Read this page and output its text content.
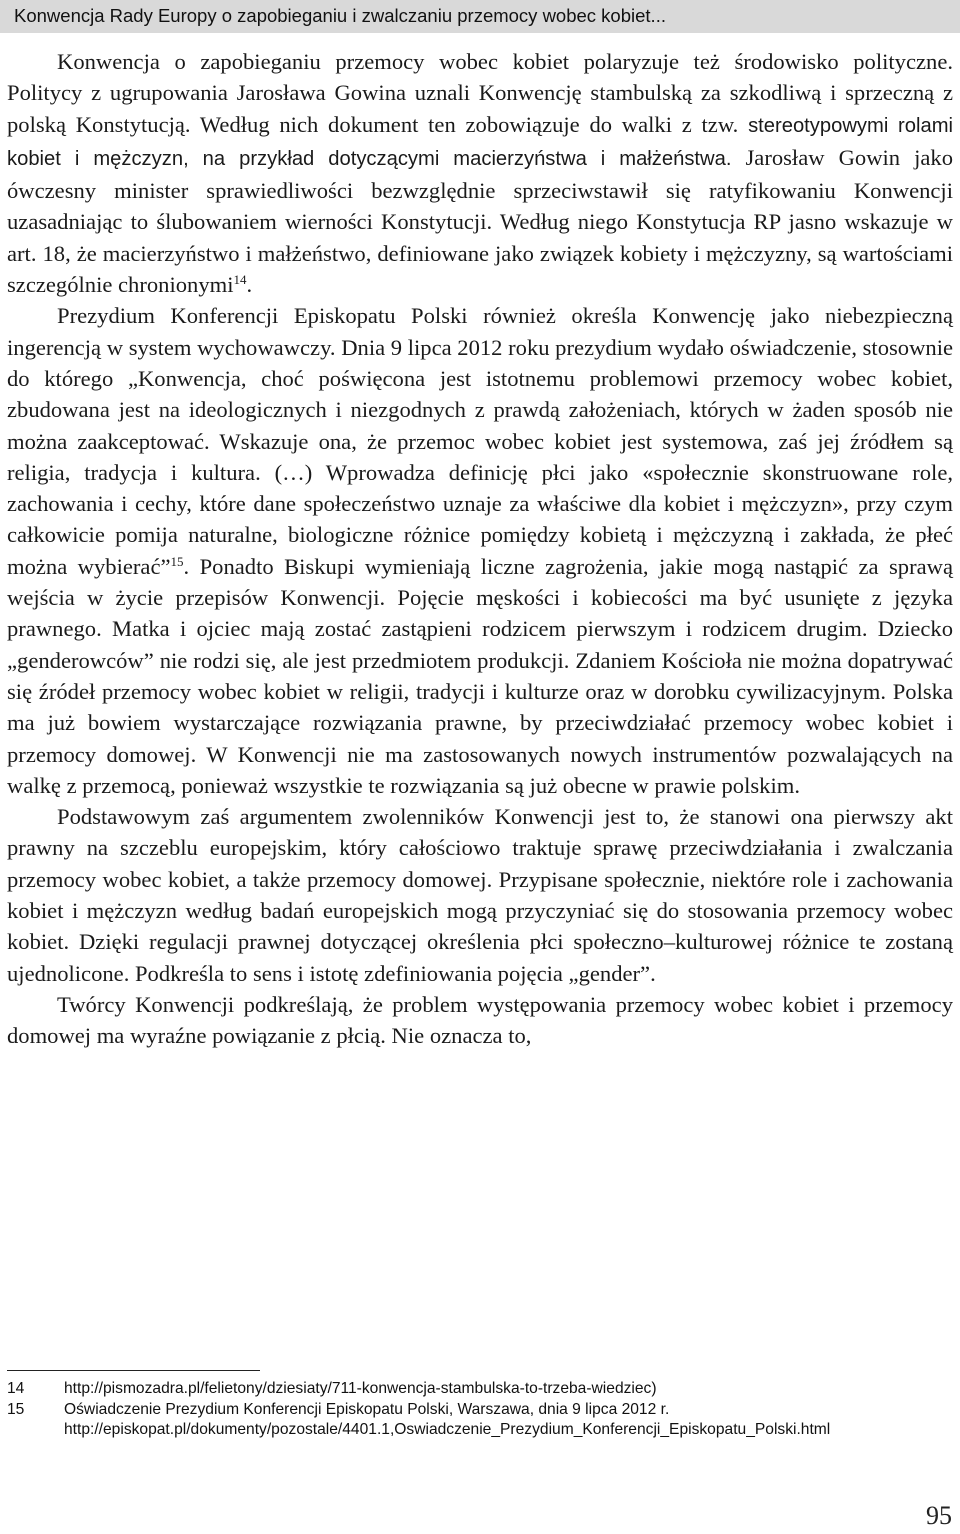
Konwencja Rady Europy o zapobieganiu i zwalczaniu przemocy wobec kobiet...

Konwencja o zapobieganiu przemocy wobec kobiet polaryzuje też środowisko polityczne. Politycy z ugrupowania Jarosława Gowina uznali Konwencję stambulską za szkodliwą i sprzeczną z polską Konstytucją. Według nich dokument ten zobowiązuje do walki z tzw. stereotypowymi rolami kobiet i mężczyzn, na przykład dotyczącymi macierzyństwa i małżeństwa. Jarosław Gowin jako ówczesny minister sprawiedliwości bezwzględnie sprzeciwstawił się ratyfikowaniu Konwencji uzasadniając to ślubowaniem wierności Konstytucji. Według niego Konstytucja RP jasno wskazuje w art. 18, że macierzyństwo i małżeństwo, definiowane jako związek kobiety i mężczyzny, są wartościami szczególnie chronionymi$^{14}$.

Prezydium Konferencji Episkopatu Polski również określa Konwencję jako niebezpieczną ingerencją w system wychowawczy. Dnia 9 lipca 2012 roku prezydium wydało oświadczenie, stosownie do którego „Konwencja, choć poświęcona jest istotnemu problemowi przemocy wobec kobiet, zbudowana jest na ideologicznych i niezgodnych z prawdą założeniach, których w żaden sposób nie można zaakceptować. Wskazuje ona, że przemoc wobec kobiet jest systemowa, zaś jej źródłem są religia, tradycja i kultura. (…) Wprowadza definicję płci jako «społecznie skonstruowane role, zachowania i cechy, które dane społeczeństwo uznaje za właściwe dla kobiet i mężczyzn», przy czym całkowicie pomija naturalne, biologiczne różnice pomiędzy kobietą i mężczyzną i zakłada, że płeć można wybierać”$^{15}$. Ponadto Biskupi wymieniają liczne zagrożenia, jakie mogą nastąpić za sprawą wejścia w życie przepisów Konwencji. Pojęcie męskości i kobiecości ma być usunięte z języka prawnego. Matka i ojciec mają zostać zastąpieni rodzicem pierwszym i rodzicem drugim. Dziecko „genderowców” nie rodzi się, ale jest przedmiotem produkcji. Zdaniem Kościoła nie można dopatrywać się źródeł przemocy wobec kobiet w religii, tradycji i kulturze oraz w dorobku cywilizacyjnym. Polska ma już bowiem wystarczające rozwiązania prawne, by przeciwdziałać przemocy wobec kobiet i przemocy domowej. W Konwencji nie ma zastosowanych nowych instrumentów pozwalających na walkę z przemocą, ponieważ wszystkie te rozwiązania są już obecne w prawie polskim.

Podstawowym zaś argumentem zwolenników Konwencji jest to, że stanowi ona pierwszy akt prawny na szczeblu europejskim, który całościowo traktuje sprawę przeciwdziałania i zwalczania przemocy wobec kobiet, a także przemocy domowej. Przypisane społecznie, niektóre role i zachowania kobiet i mężczyzn według badań europejskich mogą przyczyniać się do stosowania przemocy wobec kobiet. Dzięki regulacji prawnej dotyczącej określenia płci społeczno–kulturowej różnice te zostaną ujednolicone. Podkreśla to sens i istotę zdefiniowania pojęcia „gender”.

Twórcy Konwencji podkreślają, że problem występowania przemocy wobec kobiet i przemocy domowej ma wyraźne powiązanie z płcią. Nie oznacza to,

14	http://pismozadra.pl/felietony/dziesiaty/711-konwencja-stambulska-to-trzeba-wiedziec)
15	Oświadczenie Prezydium Konferencji Episkopatu Polski, Warszawa, dnia 9 lipca 2012 r. http://episkopat.pl/dokumenty/pozostale/4401.1,Oswiadczenie_Prezydium_Konferencji_Episkopatu_Polski.html
95
